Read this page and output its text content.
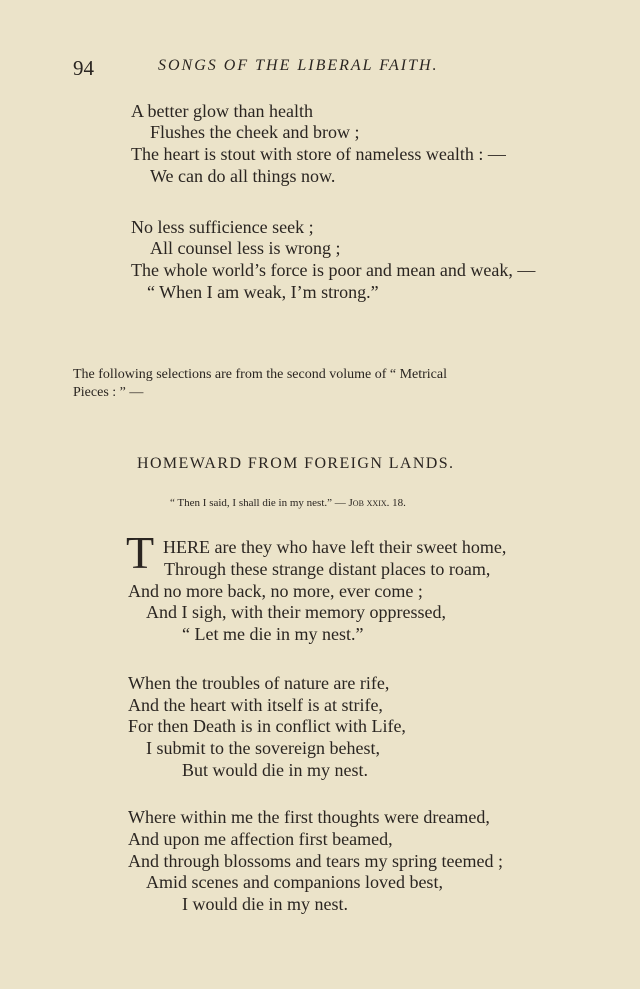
94	SONGS OF THE LIBERAL FAITH.
A better glow than health
Flushes the cheek and brow ;
The heart is stout with store of nameless wealth : —
We can do all things now.
No less sufficience seek ;
All counsel less is wrong ;
The whole world’s force is poor and mean and weak, —
“ When I am weak, I’m strong.”
The following selections are from the second volume of “ Metrical
Pieces : ” —
HOMEWARD FROM FOREIGN LANDS.
“ Then I said, I shall die in my nest.” — Job xxix. 18.
T HERE are they who have left their sweet home,
Through these strange distant places to roam,
And no more back, no more, ever come ;
And I sigh, with their memory oppressed,
“ Let me die in my nest.”
When the troubles of nature are rife,
And the heart with itself is at strife,
For then Death is in conflict with Life,
I submit to the sovereign behest,
But would die in my nest.
Where within me the first thoughts were dreamed,
And upon me affection first beamed,
And through blossoms and tears my spring teemed ;
Amid scenes and companions loved best,
I would die in my nest.
